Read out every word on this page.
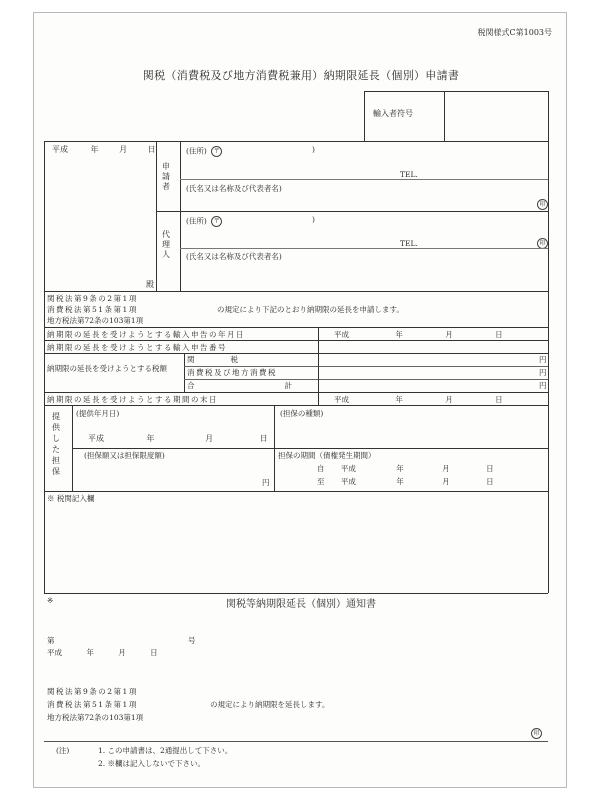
税関様式C第1003号
関税（消費税及び地方消費税兼用）納期限延長（個別）申請書
輸入者符号
平成	年	月	日
申
請
者
(住所) 〒	)
TEL.
(氏名又は名称及び代表者名)
印
代
理
人
(住所) 〒	)
TEL.	印
(氏名又は名称及び代表者名)
殿
関税法第9条の2第1項
消費税法第51条第1項
地方税法第72条の103第1項
の規定により下記のとおり納期限の延長を申請します。
納期限の延長を受けようとする輸入申告の年月日	平成	年	月	日
納期限の延長を受けようとする輸入申告番号
納期限の延長を受けようとする税額
関税	円
消費税及び地方消費税	円
合計	円
納期限の延長を受けようとする期間の末日	平成	年	月	日
提
供
し
た
担
保
(提供年月日)
平成	年	月	日
(担保の種類)
(担保額又は担保限度額)
円
担保の期間（債権発生期間）
自 平成	年	月	日
至 平成	年	月	日
※ 税関記入欄
※	関税等納期限延長（個別）通知書
第	号
平成	年	月	日
関税法第9条の2第1項
消費税法第51条第1項
地方税法第72条の103第1項
の規定により納期限を延長します。
印
(注)	1. この申請書は、2通提出して下さい。
2. ※欄は記入しないで下さい。
